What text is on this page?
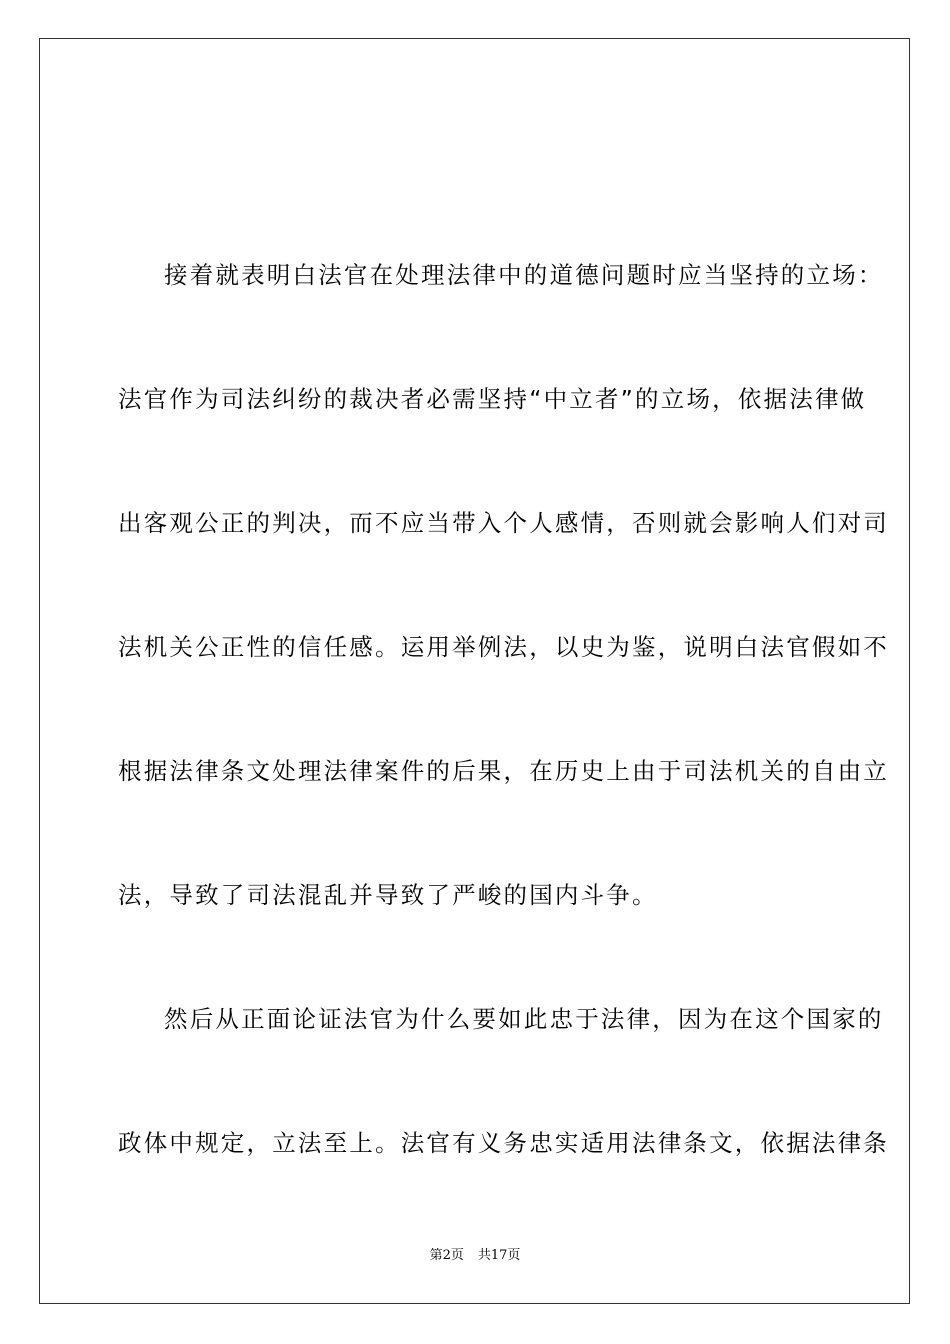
接着就表明白法官在处理法律中的道德问题时应当坚持的立场：
法官作为司法纠纷的裁决者必需坚持“中立者”的立场，依据法律做
出客观公正的判决，而不应当带入个人感情，否则就会影响人们对司
法机关公正性的信任感。运用举例法，以史为鉴，说明白法官假如不
根据法律条文处理法律案件的后果，在历史上由于司法机关的自由立
法，导致了司法混乱并导致了严峻的国内斗争。
然后从正面论证法官为什么要如此忠于法律，因为在这个国家的
政体中规定，立法至上。法官有义务忠实适用法律条文，依据法律条
第2页 共17页
